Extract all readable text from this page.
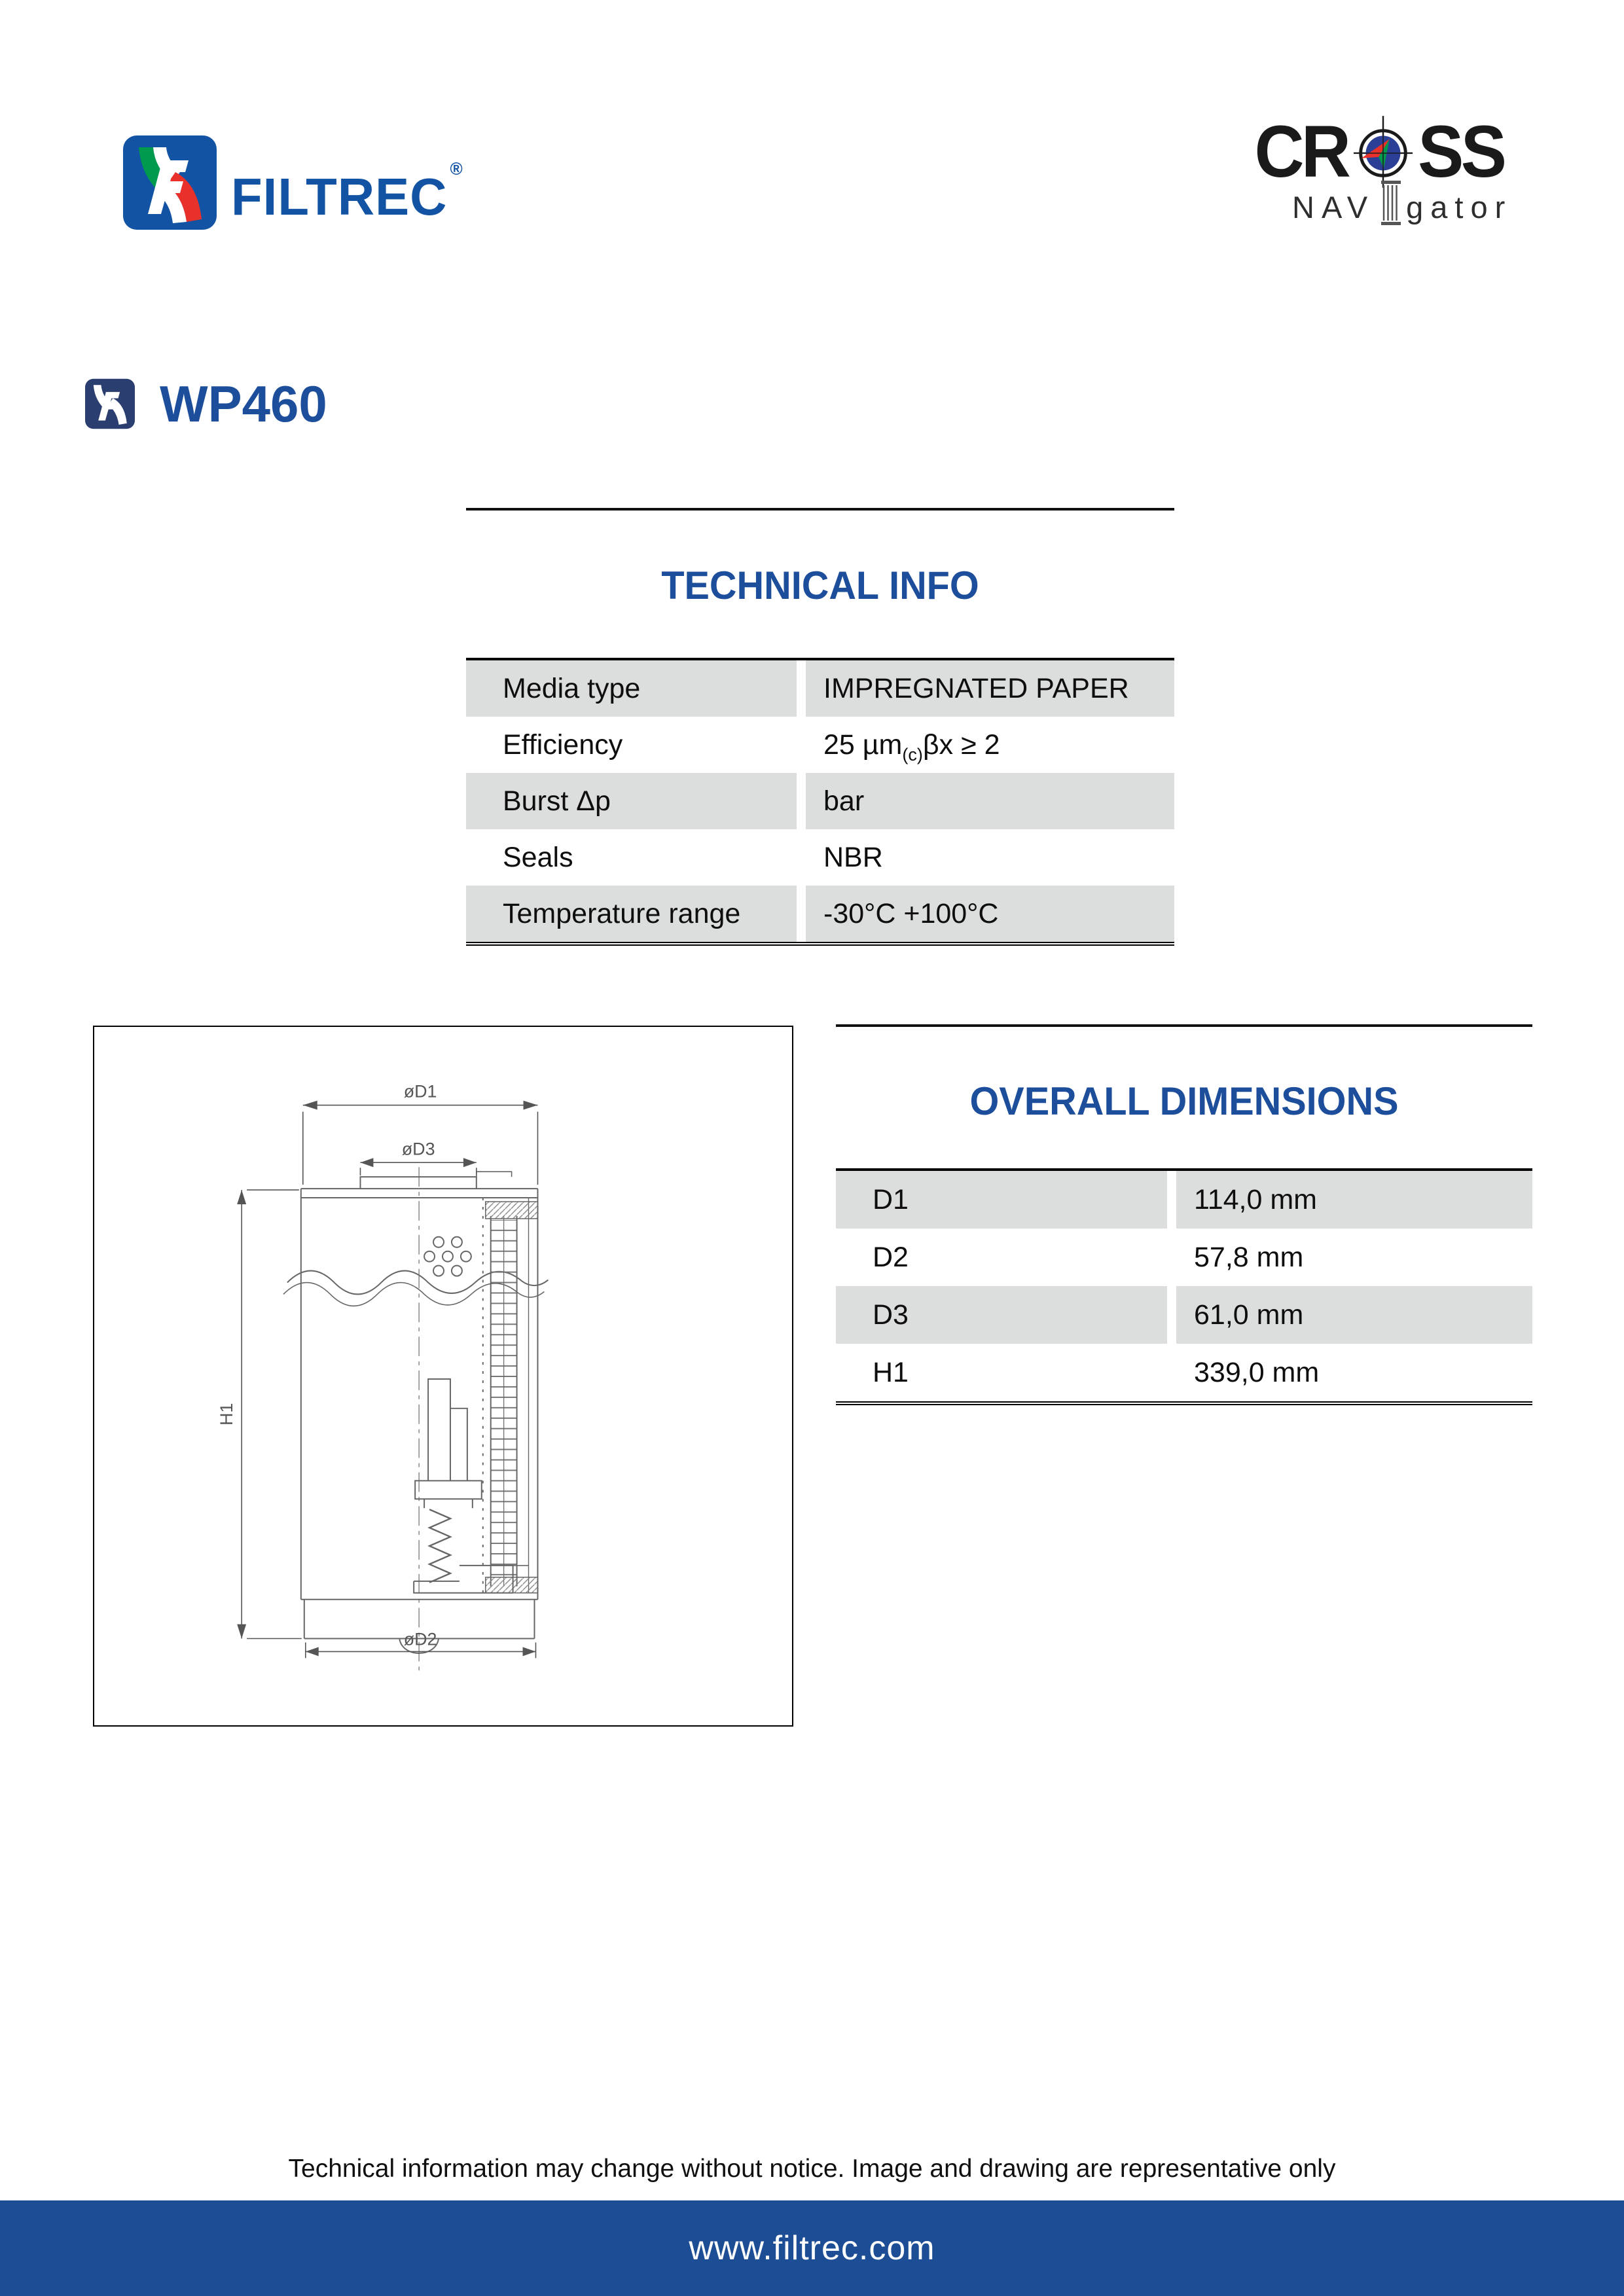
FILTREC ®	CR SS
NAV gator
WP460
TECHNICAL INFO
Media type	IMPREGNATED PAPER
Efficiency	25 µm (c) βx ≥ 2
Burst Δp	bar
Seals	NBR
Temperature range	-30°C +100°C
øD1
øD3
H1
øD2
OVERALL DIMENSIONS
D1	114,0 mm
D2	57,8 mm
D3	61,0 mm
H1	339,0 mm
Technical information may change without notice. Image and drawing are representative only
www.filtrec.com
